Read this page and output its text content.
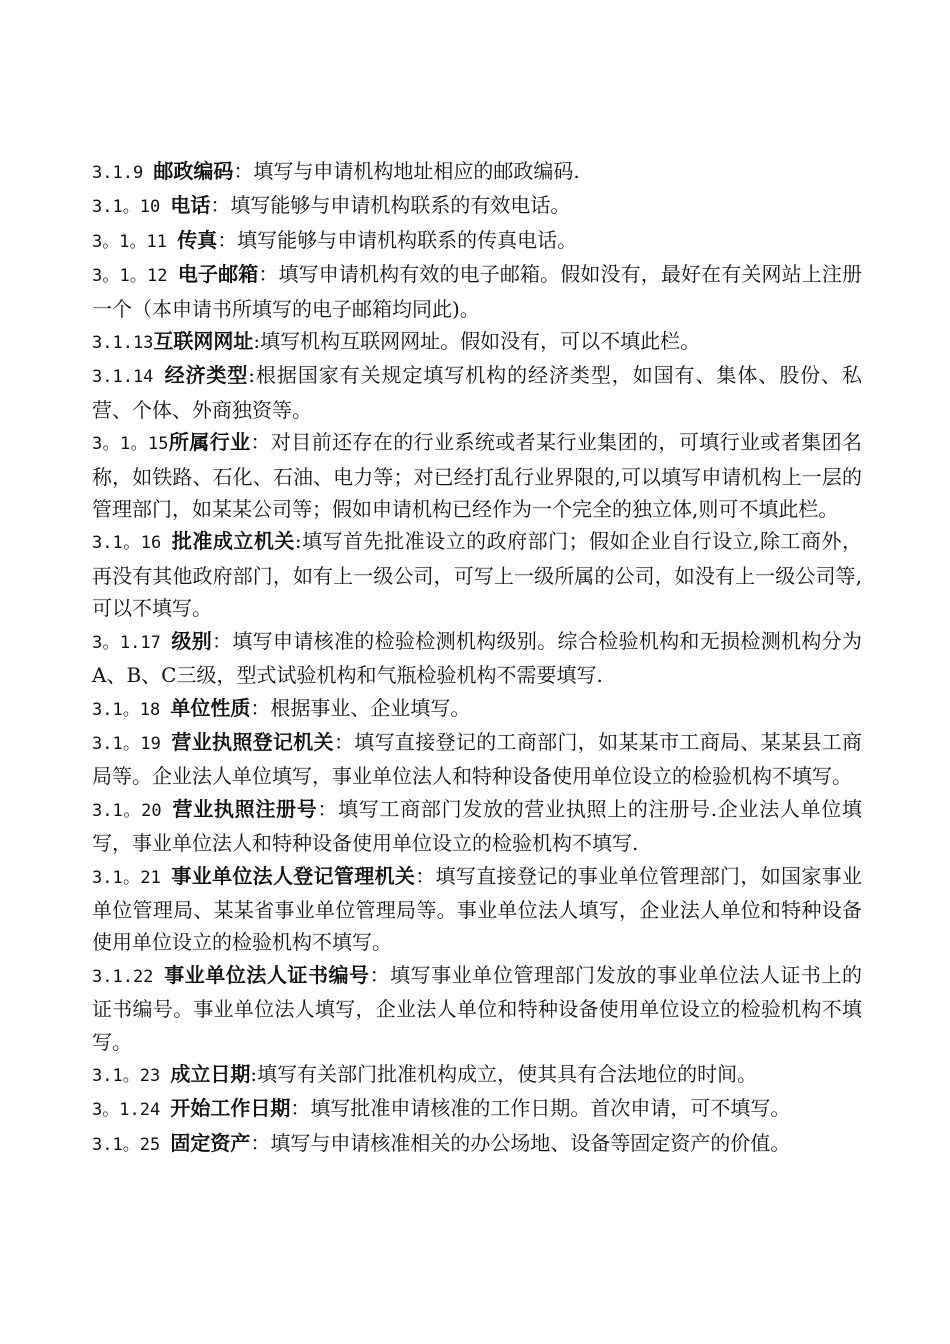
3.1.9 邮政编码：填写与申请机构地址相应的邮政编码.

3.1。10 电话：填写能够与申请机构联系的有效电话。

3。1。11 传真：填写能够与申请机构联系的传真电话。

3。1。12 电子邮箱：填写申请机构有效的电子邮箱。假如没有，最好在有关网站上注册一个（本申请书所填写的电子邮箱均同此)。

3.1.13互联网网址:填写机构互联网网址。假如没有，可以不填此栏。

3.1.14 经济类型:根据国家有关规定填写机构的经济类型，如国有、集体、股份、私营、个体、外商独资等。

3。1。15所属行业：对目前还存在的行业系统或者某行业集团的，可填行业或者集团名称，如铁路、石化、石油、电力等；对已经打乱行业界限的,可以填写申请机构上一层的管理部门，如某某公司等；假如申请机构已经作为一个完全的独立体,则可不填此栏。

3.1。16 批准成立机关:填写首先批准设立的政府部门；假如企业自行设立,除工商外，再没有其他政府部门，如有上一级公司，可写上一级所属的公司，如没有上一级公司等,可以不填写。

3。1.17 级别：填写申请核准的检验检测机构级别。综合检验机构和无损检测机构分为A、B、C三级，型式试验机构和气瓶检验机构不需要填写.

3.1。18 单位性质：根据事业、企业填写。

3.1。19 营业执照登记机关：填写直接登记的工商部门，如某某市工商局、某某县工商局等。企业法人单位填写，事业单位法人和特种设备使用单位设立的检验机构不填写。

3.1。20 营业执照注册号：填写工商部门发放的营业执照上的注册号.企业法人单位填写，事业单位法人和特种设备使用单位设立的检验机构不填写.

3.1。21 事业单位法人登记管理机关：填写直接登记的事业单位管理部门，如国家事业单位管理局、某某省事业单位管理局等。事业单位法人填写，企业法人单位和特种设备使用单位设立的检验机构不填写。

3.1.22 事业单位法人证书编号：填写事业单位管理部门发放的事业单位法人证书上的证书编号。事业单位法人填写，企业法人单位和特种设备使用单位设立的检验机构不填写。

3.1。23 成立日期:填写有关部门批准机构成立，使其具有合法地位的时间。

3。1.24 开始工作日期：填写批准申请核准的工作日期。首次申请，可不填写。

3.1。25 固定资产：填写与申请核准相关的办公场地、设备等固定资产的价值。
